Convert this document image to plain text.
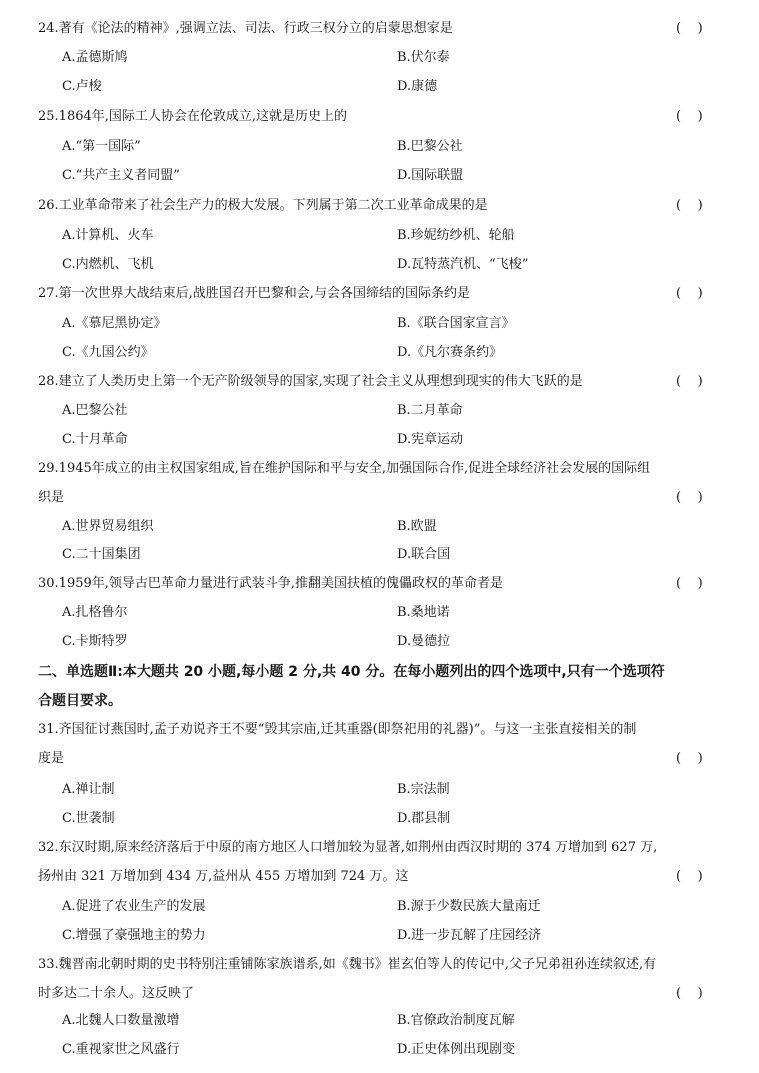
24.著有《论法的精神》,强调立法、司法、行政三权分立的启蒙思想家是	(    )
A.孟德斯鸠	B.伏尔泰
C.卢梭	D.康德
25.1864年,国际工人协会在伦敦成立,这就是历史上的	(    )
A.“第一国际”	B.巴黎公社
C.“共产主义者同盟”	D.国际联盟
26.工业革命带来了社会生产力的极大发展。下列属于第二次工业革命成果的是	(    )
A.计算机、火车	B.珍妮纺纱机、轮船
C.内燃机、飞机	D.瓦特蒸汽机、“飞梭”
27.第一次世界大战结束后,战胜国召开巴黎和会,与会各国缔结的国际条约是	(    )
A.《慕尼黑协定》	B.《联合国家宣言》
C.《九国公约》	D.《凡尔赛条约》
28.建立了人类历史上第一个无产阶级领导的国家,实现了社会主义从理想到现实的伟大飞跃的是	(    )
A.巴黎公社	B.二月革命
C.十月革命	D.宪章运动
29.1945年成立的由主权国家组成,旨在维护国际和平与安全,加强国际合作,促进全球经济社会发展的国际组
织是	(    )
A.世界贸易组织	B.欧盟
C.二十国集团	D.联合国
30.1959年,领导古巴革命力量进行武装斗争,推翻美国扶植的傀儡政权的革命者是	(    )
A.扎格鲁尔	B.桑地诺
C.卡斯特罗	D.曼德拉
二、单选题Ⅱ:本大题共 20 小题,每小题 2 分,共 40 分。在每小题列出的四个选项中,只有一个选项符
合题目要求。
31.齐国征讨燕国时,孟子劝说齐王不要“毁其宗庙,迁其重器(即祭祀用的礼器)”。与这一主张直接相关的制
度是	(    )
A.禅让制	B.宗法制
C.世袭制	D.郡县制
32.东汉时期,原来经济落后于中原的南方地区人口增加较为显著,如荆州由西汉时期的 374 万增加到 627 万,
扬州由 321 万增加到 434 万,益州从 455 万增加到 724 万。这	(    )
A.促进了农业生产的发展	B.源于少数民族大量南迁
C.增强了豪强地主的势力	D.进一步瓦解了庄园经济
33.魏晋南北朝时期的史书特别注重铺陈家族谱系,如《魏书》崔玄伯等人的传记中,父子兄弟祖孙连续叙述,有
时多达二十余人。这反映了	(    )
A.北魏人口数量激增	B.官僚政治制度瓦解
C.重视家世之风盛行	D.正史体例出现剧变
